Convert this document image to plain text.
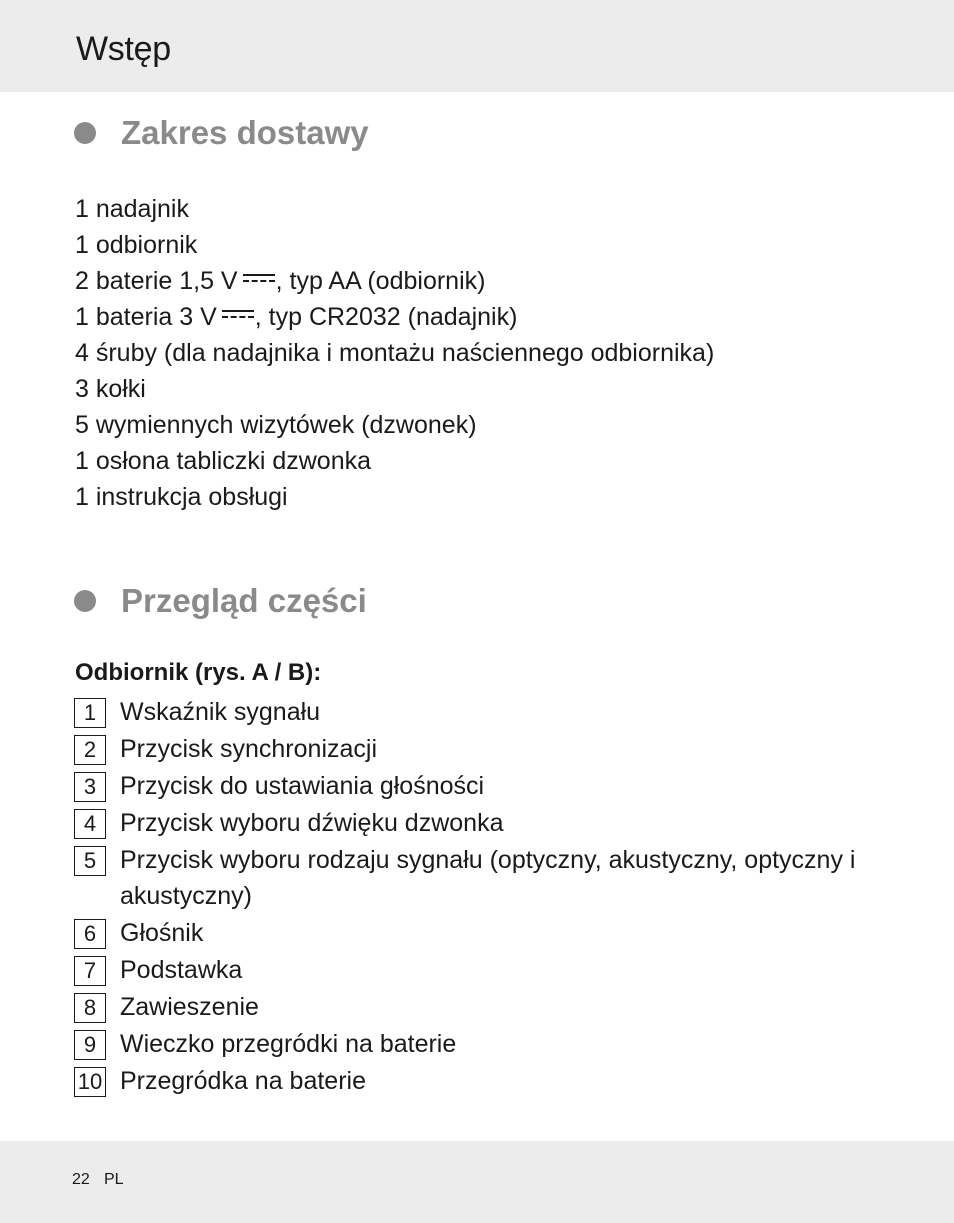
Wstęp
Zakres dostawy
1 nadajnik
1 odbiornik
2 baterie 1,5 V , typ AA (odbiornik)
1 bateria 3 V , typ CR2032 (nadajnik)
4 śruby (dla nadajnika i montażu naściennego odbiornika)
3 kołki
5 wymiennych wizytówek (dzwonek)
1 osłona tabliczki dzwonka
1 instrukcja obsługi
Przegląd części
Odbiornik (rys. A / B):
1 Wskaźnik sygnału
2 Przycisk synchronizacji
3 Przycisk do ustawiania głośności
4 Przycisk wyboru dźwięku dzwonka
5 Przycisk wyboru rodzaju sygnału (optyczny, akustyczny, optyczny i akustyczny)
6 Głośnik
7 Podstawka
8 Zawieszenie
9 Wieczko przegródki na baterie
10 Przegródka na baterie
22 PL
